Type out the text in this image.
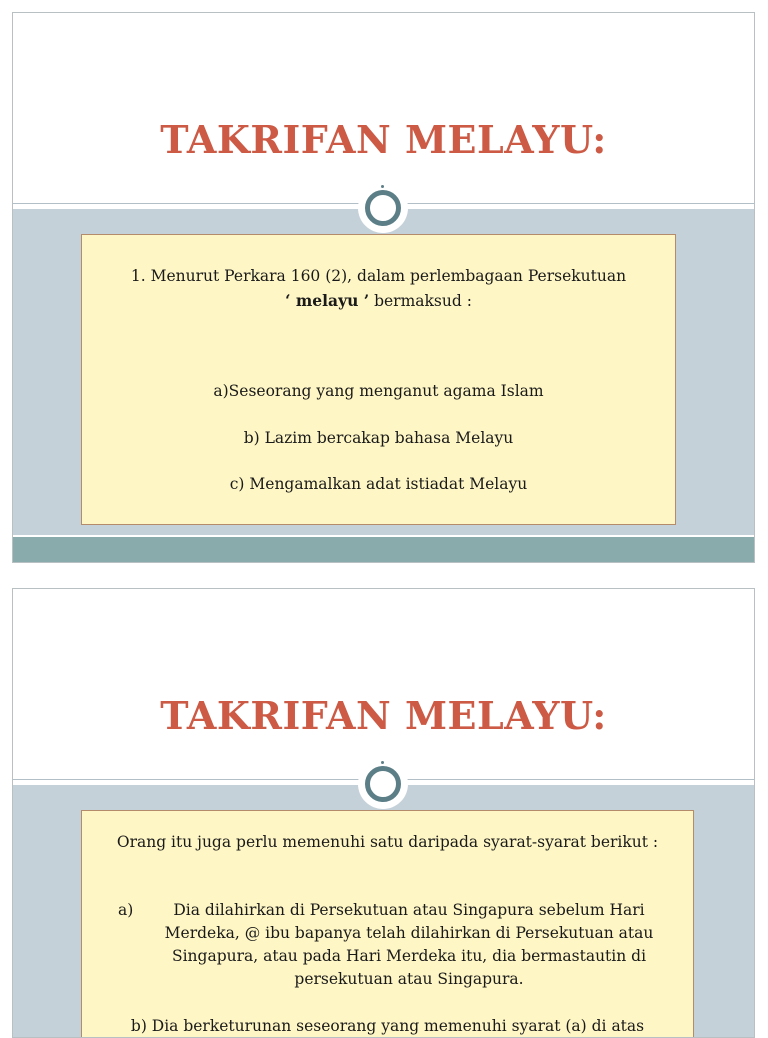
TAKRIFAN MELAYU:
1. Menurut Perkara 160 (2), dalam perlembagaan Persekutuan
‘ melayu ’ bermaksud :
a)Seseorang yang menganut agama Islam
b) Lazim bercakap bahasa Melayu
c) Mengamalkan adat istiadat Melayu
TAKRIFAN MELAYU:
Orang itu juga perlu memenuhi satu daripada syarat-syarat berikut :
a)	Dia dilahirkan di Persekutuan atau Singapura sebelum Hari
Merdeka, @ ibu bapanya telah dilahirkan di Persekutuan atau
Singapura, atau pada Hari Merdeka itu, dia bermastautin di
persekutuan atau Singapura.
b) Dia berketurunan seseorang yang memenuhi syarat (a) di atas
